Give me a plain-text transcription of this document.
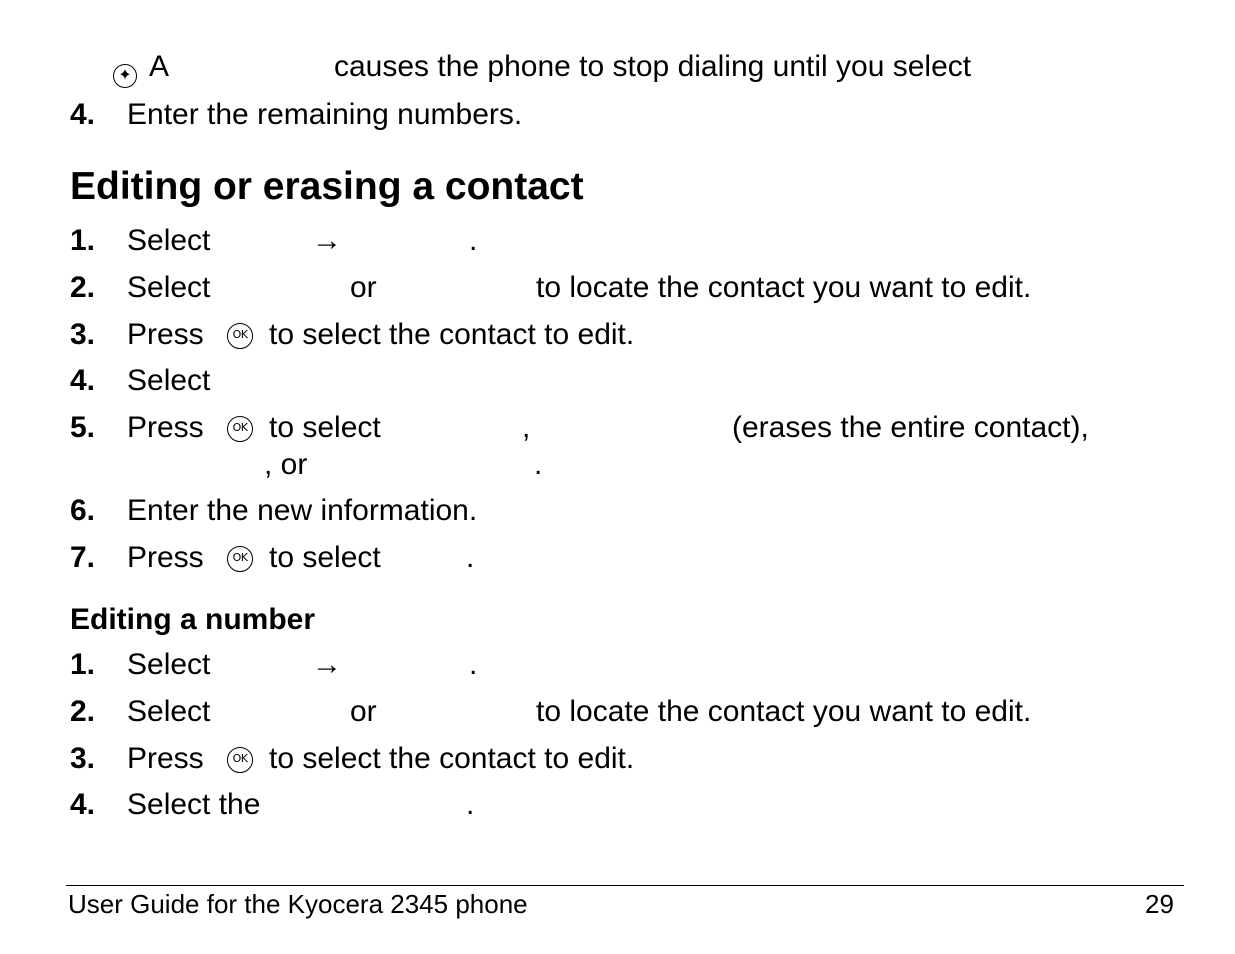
✦ A	causes the phone to stop dialing until you select
4. Enter the remaining numbers.
Editing or erasing a contact
1. Select	→	.
2. Select	or	to locate the contact you want to edit.
3. Press	OK to select the contact to edit.
4. Select
5. Press	OK to select	,	(erases the entire contact),
, or	.
6. Enter the new information.
7. Press	OK to select	.
Editing a number
1. Select	→	.
2. Select	or	to locate the contact you want to edit.
3. Press	OK to select the contact to edit.
4. Select the	.
User Guide for the Kyocera 2345 phone	29
